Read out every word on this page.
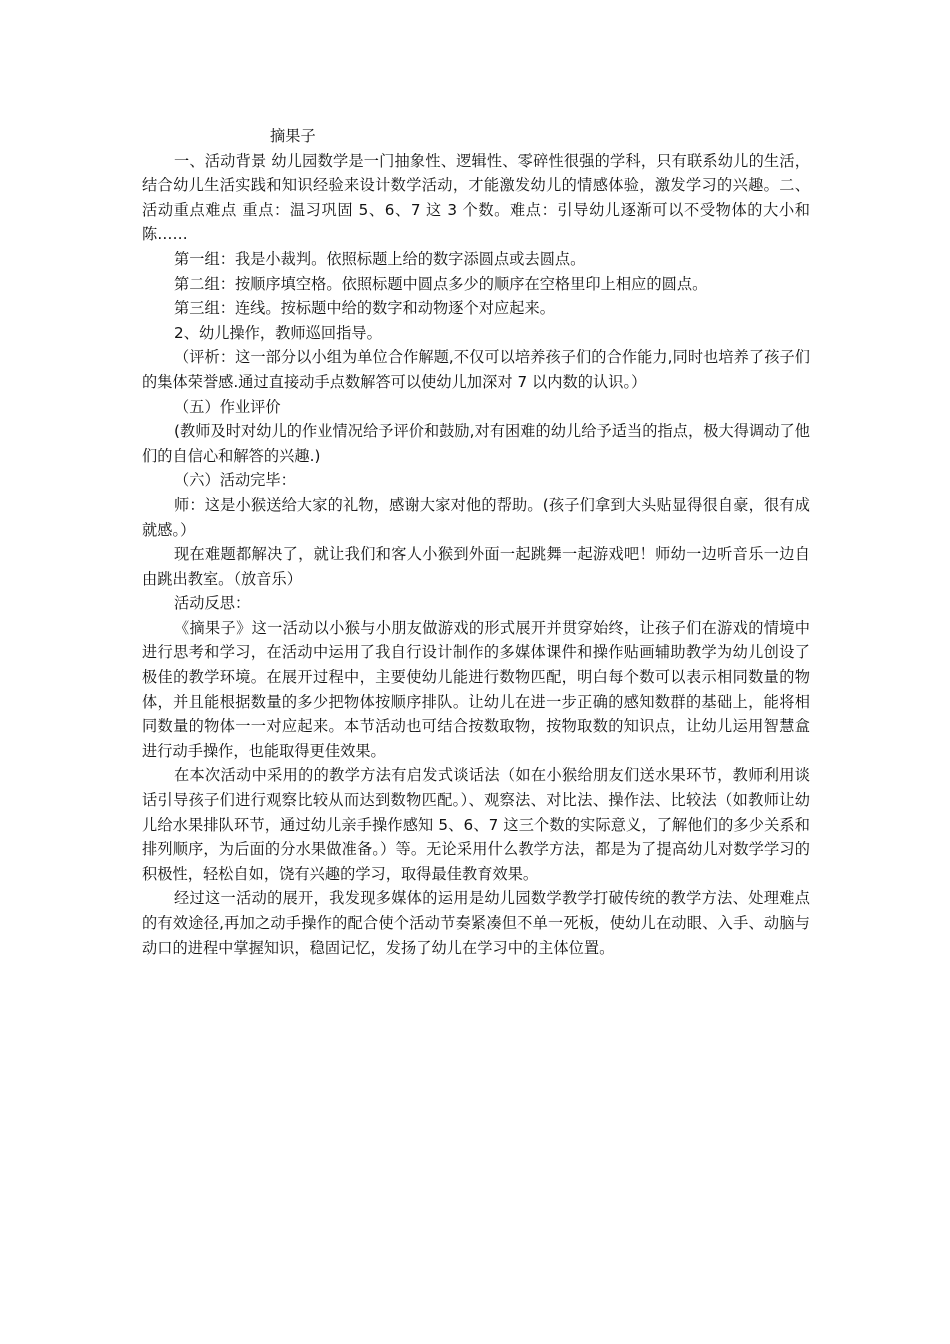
摘果子

一、活动背景 幼儿园数学是一门抽象性、逻辑性、零碎性很强的学科，只有联系幼儿的生活，结合幼儿生活实践和知识经验来设计数学活动，才能激发幼儿的情感体验，激发学习的兴趣。二、活动重点难点 重点：温习巩固 5、6、7 这 3 个数。难点：引导幼儿逐渐可以不受物体的大小和陈……

第一组：我是小裁判。依照标题上给的数字添圆点或去圆点。

第二组：按顺序填空格。依照标题中圆点多少的顺序在空格里印上相应的圆点。

第三组：连线。按标题中给的数字和动物逐个对应起来。

2、幼儿操作，教师巡回指导。

（评析：这一部分以小组为单位合作解题,不仅可以培养孩子们的合作能力,同时也培养了孩子们的集体荣誉感.通过直接动手点数解答可以使幼儿加深对 7 以内数的认识。）

（五）作业评价

(教师及时对幼儿的作业情况给予评价和鼓励,对有困难的幼儿给予适当的指点，极大得调动了他们的自信心和解答的兴趣.)

（六）活动完毕：

师：这是小猴送给大家的礼物，感谢大家对他的帮助。(孩子们拿到大头贴显得很自豪，很有成就感。）

现在难题都解决了，就让我们和客人小猴到外面一起跳舞一起游戏吧！师幼一边听音乐一边自由跳出教室。（放音乐）

活动反思：

《摘果子》这一活动以小猴与小朋友做游戏的形式展开并贯穿始终，让孩子们在游戏的情境中进行思考和学习，在活动中运用了我自行设计制作的多媒体课件和操作贴画辅助教学为幼儿创设了极佳的教学环境。在展开过程中，主要使幼儿能进行数物匹配，明白每个数可以表示相同数量的物体，并且能根据数量的多少把物体按顺序排队。让幼儿在进一步正确的感知数群的基础上，能将相同数量的物体一一对应起来。本节活动也可结合按数取物，按物取数的知识点，让幼儿运用智慧盒进行动手操作，也能取得更佳效果。

在本次活动中采用的的教学方法有启发式谈话法（如在小猴给朋友们送水果环节，教师利用谈话引导孩子们进行观察比较从而达到数物匹配。）、观察法、对比法、操作法、比较法（如教师让幼儿给水果排队环节，通过幼儿亲手操作感知 5、6、7 这三个数的实际意义，了解他们的多少关系和排列顺序，为后面的分水果做准备。）等。无论采用什么教学方法，都是为了提高幼儿对数学学习的积极性，轻松自如，饶有兴趣的学习，取得最佳教育效果。

经过这一活动的展开，我发现多媒体的运用是幼儿园数学教学打破传统的教学方法、处理难点的有效途径,再加之动手操作的配合使个活动节奏紧凑但不单一死板，使幼儿在动眼、入手、动脑与动口的进程中掌握知识，稳固记忆，发扬了幼儿在学习中的主体位置。
